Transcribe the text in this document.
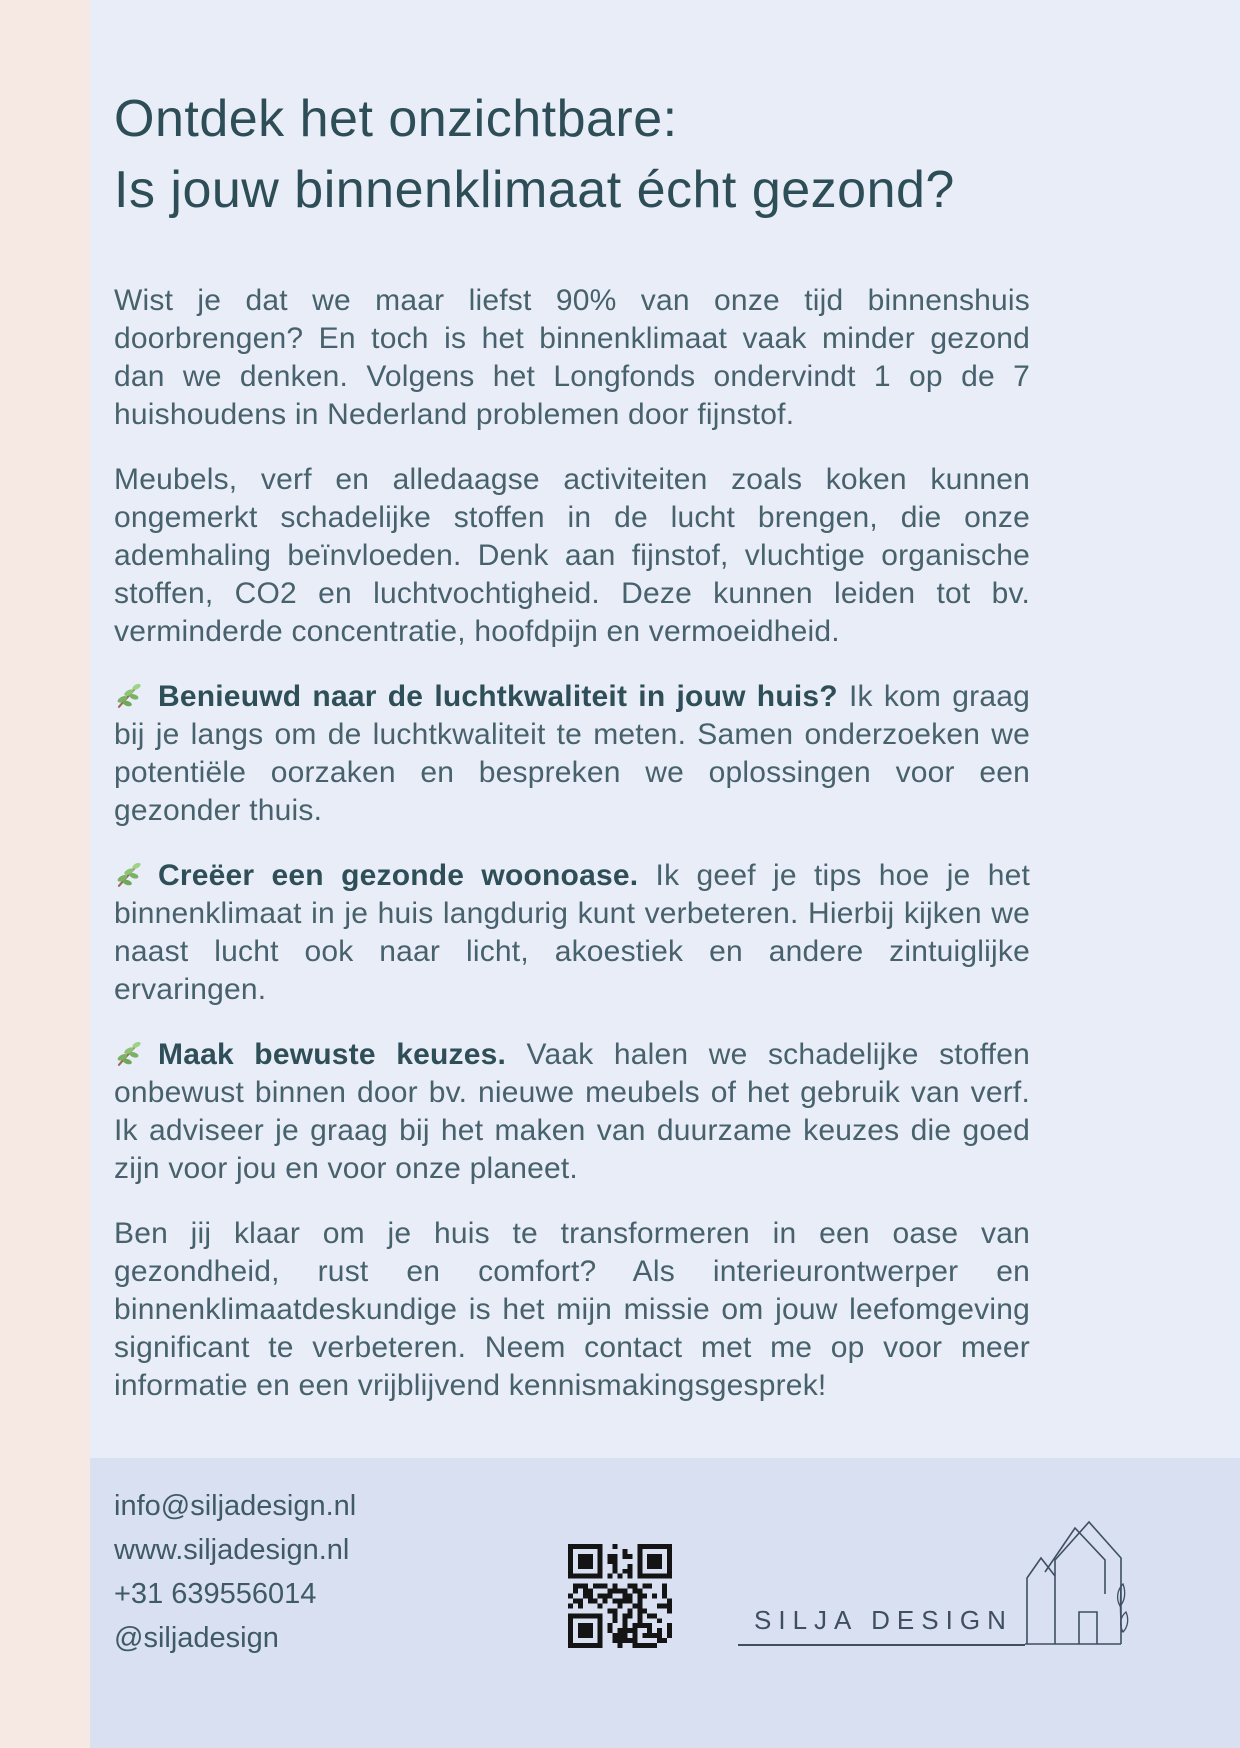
Ontdek het onzichtbare:
Is jouw binnenklimaat écht gezond?

Wist je dat we maar liefst 90% van onze tijd binnenshuis doorbrengen? En toch is het binnenklimaat vaak minder gezond dan we denken. Volgens het Longfonds ondervindt 1 op de 7 huishoudens in Nederland problemen door fijnstof.

Meubels, verf en alledaagse activiteiten zoals koken kunnen ongemerkt schadelijke stoffen in de lucht brengen, die onze ademhaling beïnvloeden. Denk aan fijnstof, vluchtige organische stoffen, CO2 en luchtvochtigheid. Deze kunnen leiden tot bv. verminderde concentratie, hoofdpijn en vermoeidheid.

Benieuwd naar de luchtkwaliteit in jouw huis? Ik kom graag bij je langs om de luchtkwaliteit te meten. Samen onderzoeken we potentiële oorzaken en bespreken we oplossingen voor een gezonder thuis.

Creëer een gezonde woonoase. Ik geef je tips hoe je het binnenklimaat in je huis langdurig kunt verbeteren. Hierbij kijken we naast lucht ook naar licht, akoestiek en andere zintuiglijke ervaringen.

Maak bewuste keuzes. Vaak halen we schadelijke stoffen onbewust binnen door bv. nieuwe meubels of het gebruik van verf. Ik adviseer je graag bij het maken van duurzame keuzes die goed zijn voor jou en voor onze planeet.

Ben jij klaar om je huis te transformeren in een oase van gezondheid, rust en comfort? Als interieurontwerper en binnenklimaatdeskundige is het mijn missie om jouw leefomgeving significant te verbeteren. Neem contact met me op voor meer informatie en een vrijblijvend kennismakingsgesprek!

info@siljadesign.nl
www.siljadesign.nl
+31 639556014
@siljadesign
SILJA DESIGN
